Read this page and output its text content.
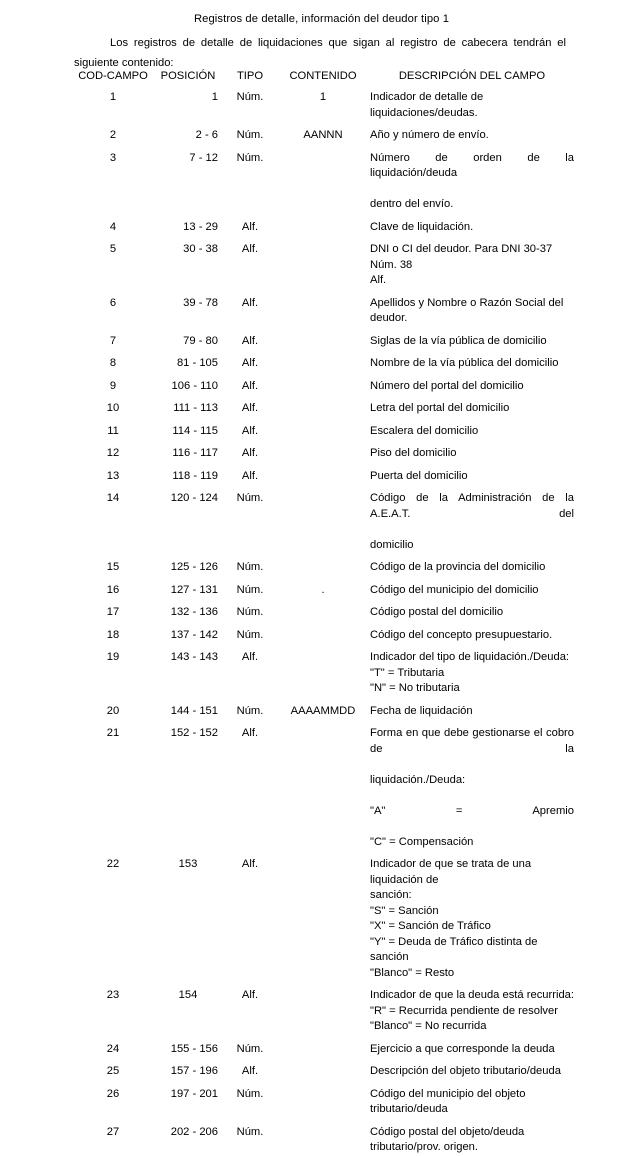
Registros de detalle, información del deudor tipo 1
Los registros de detalle de liquidaciones que sigan al registro de cabecera tendrán el siguiente contenido:
COD-CAMPO	POSICIÓN	TIPO	CONTENIDO	DESCRIPCIÓN DEL CAMPO
1	1	Núm.	1	Indicador de detalle de liquidaciones/deudas.

2	2 - 6	Núm.	AANNN	Año y número de envío.

3	7 - 12	Núm.		Número de orden de la liquidación/deuda
dentro del envío.

4	13 - 29	Alf.		Clave de liquidación.

5	30 - 38	Alf.		DNI o CI del deudor. Para DNI 30-37 Núm. 38
Alf.

6	39 - 78	Alf.		Apellidos y Nombre o Razón Social del deudor.

7	79 - 80	Alf.		Siglas de la vía pública de domicilio

8	81 - 105	Alf.		Nombre de la vía pública del domicilio

9	106 - 110	Alf.		Número del portal del domicilio

10	111 - 113	Alf.		Letra del portal del domicilio

11	114 - 115	Alf.		Escalera del domicilio

12	116 - 117	Alf.		Piso del domicilio

13	118 - 119	Alf.		Puerta del domicilio

14	120 - 124	Núm.		Código de la Administración de la A.E.A.T. del
domicilio

15	125 - 126	Núm.		Código de la provincia del domicilio

16	127 - 131	Núm.	.	Código del municipio del domicilio

17	132 - 136	Núm.		Código postal del domicilio

18	137 - 142	Núm.		Código del concepto presupuestario.

19	143 - 143	Alf.		Indicador del tipo de liquidación./Deuda:
"T" = Tributaria
"N" = No tributaria

20	144 - 151	Núm.	AAAAMMDD	Fecha de liquidación

21	152 - 152	Alf.		Forma en que debe gestionarse el cobro de la
liquidación./Deuda:
"A" = Apremio
"C" = Compensación

22	153	Alf.		Indicador de que se trata de una liquidación de
sanción:
"S" = Sanción
"X" = Sanción de Tráfico
"Y" = Deuda de Tráfico distinta de sanción
"Blanco" = Resto

23	154	Alf.		Indicador de que la deuda está recurrida:
"R" = Recurrida pendiente de resolver
"Blanco" = No recurrida

24	155 - 156	Núm.		Ejercicio a que corresponde la deuda

25	157 - 196	Alf.		Descripción del objeto tributario/deuda

26	197 - 201	Núm.		Código del municipio del objeto tributario/deuda

27	202 - 206	Núm.		Código postal del objeto/deuda tributario/prov. origen.
